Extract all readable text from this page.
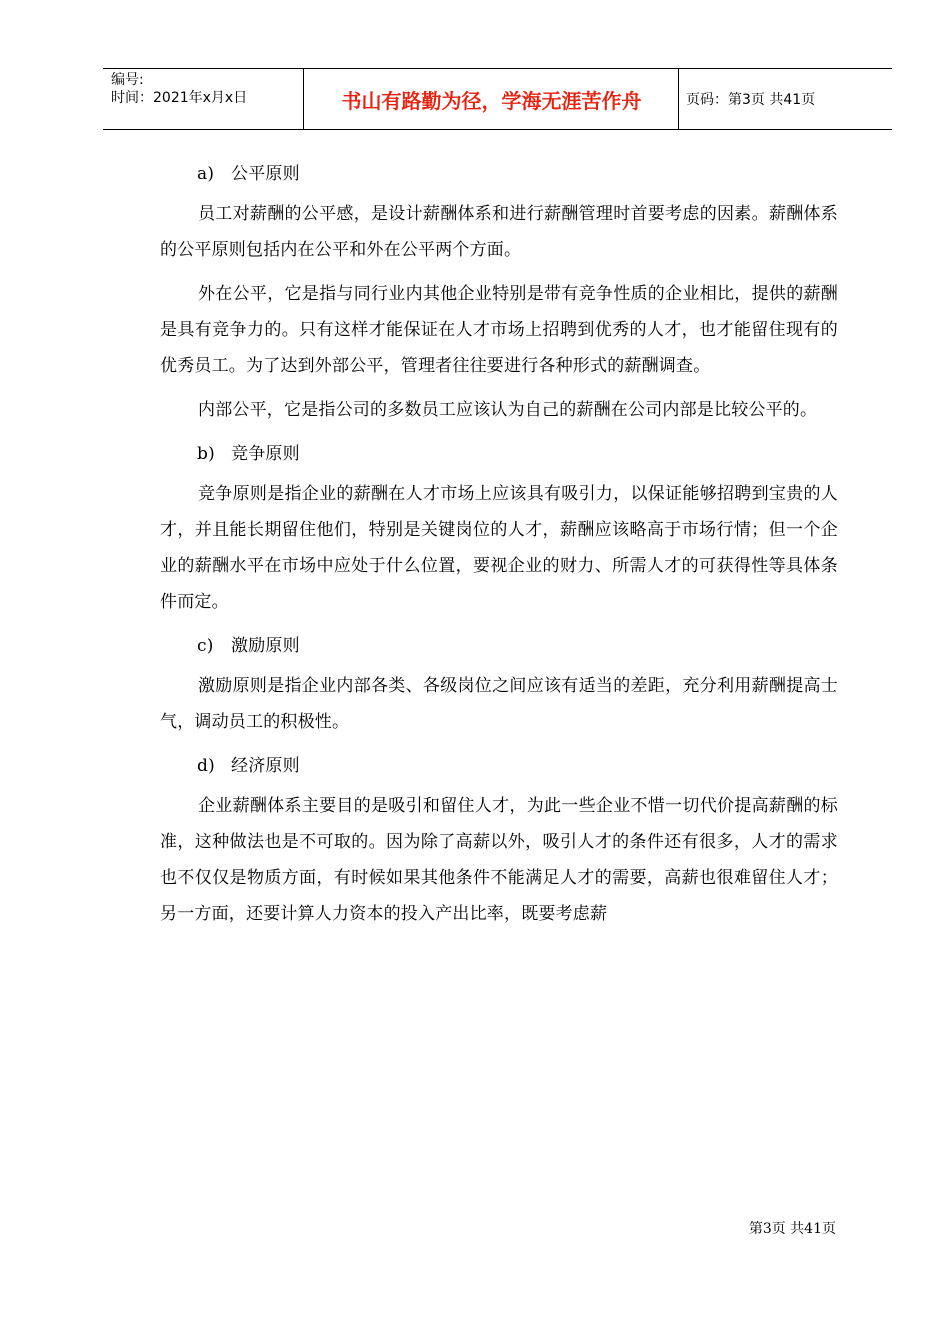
编号:
时间：2021年x月x日	书山有路勤为径，学海无涯苦作舟	页码：第3页 共41页

a) 公平原则

员工对薪酬的公平感，是设计薪酬体系和进行薪酬管理时首要考虑的因素。薪酬体系的公平原则包括内在公平和外在公平两个方面。

外在公平，它是指与同行业内其他企业特别是带有竞争性质的企业相比，提供的薪酬是具有竞争力的。只有这样才能保证在人才市场上招聘到优秀的人才，也才能留住现有的优秀员工。为了达到外部公平，管理者往往要进行各种形式的薪酬调查。

内部公平，它是指公司的多数员工应该认为自己的薪酬在公司内部是比较公平的。

b) 竞争原则

竞争原则是指企业的薪酬在人才市场上应该具有吸引力，以保证能够招聘到宝贵的人才，并且能长期留住他们，特别是关键岗位的人才，薪酬应该略高于市场行情；但一个企业的薪酬水平在市场中应处于什么位置，要视企业的财力、所需人才的可获得性等具体条件而定。

c) 激励原则

激励原则是指企业内部各类、各级岗位之间应该有适当的差距，充分利用薪酬提高士气，调动员工的积极性。

d) 经济原则

企业薪酬体系主要目的是吸引和留住人才，为此一些企业不惜一切代价提高薪酬的标准，这种做法也是不可取的。因为除了高薪以外，吸引人才的条件还有很多，人才的需求也不仅仅是物质方面，有时候如果其他条件不能满足人才的需要，高薪也很难留住人才；另一方面，还要计算人力资本的投入产出比率，既要考虑薪

第3页 共41页
